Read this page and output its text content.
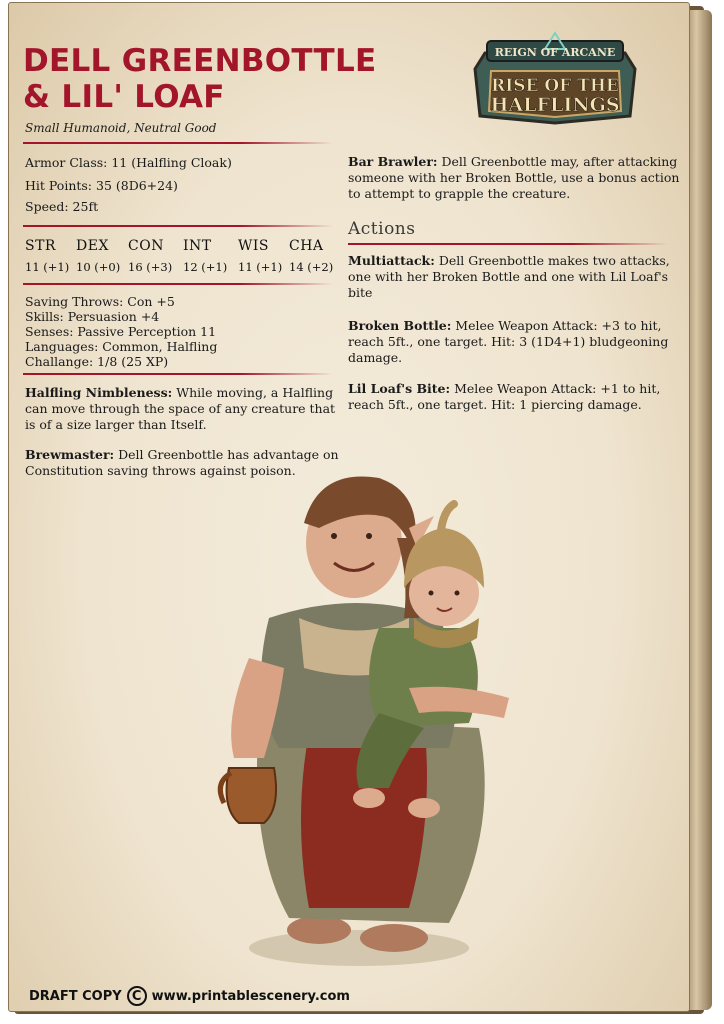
DELL GREENBOTTLE
& LIL' LOAF
Small Humanoid, Neutral Good
REIGN OF ARCANE
RISE OF THE
HALFLINGS
Armor Class: 11 (Halfling Cloak)
Hit Points: 35 (8D6+24)
Speed: 25ft
STR	DEX	CON	INT	WIS	CHA
11 (+1) 10 (+0) 16 (+3) 12 (+1) 11 (+1) 14 (+2)
Saving Throws: Con +5
Skills: Persuasion +4
Senses: Passive Perception 11
Languages: Common, Halfling
Challange: 1/8 (25 XP)
Halfling Nimbleness: While moving, a Halfling can move through the space of any creature that is of a size larger than Itself.
Brewmaster: Dell Greenbottle has advantage on Constitution saving throws against poison.
Bar Brawler: Dell Greenbottle may, after attacking someone with her Broken Bottle, use a bonus action to attempt to grapple the creature.
Actions
Multiattack: Dell Greenbottle makes two attacks, one with her Broken Bottle and one with Lil Loaf's bite
Broken Bottle: Melee Weapon Attack: +3 to hit, reach 5ft., one target. Hit: 3 (1D4+1) bludgeoning damage.
Lil Loaf's Bite: Melee Weapon Attack: +1 to hit, reach 5ft., one target. Hit: 1 piercing damage.
DRAFT COPY C www.printablescenery.com
